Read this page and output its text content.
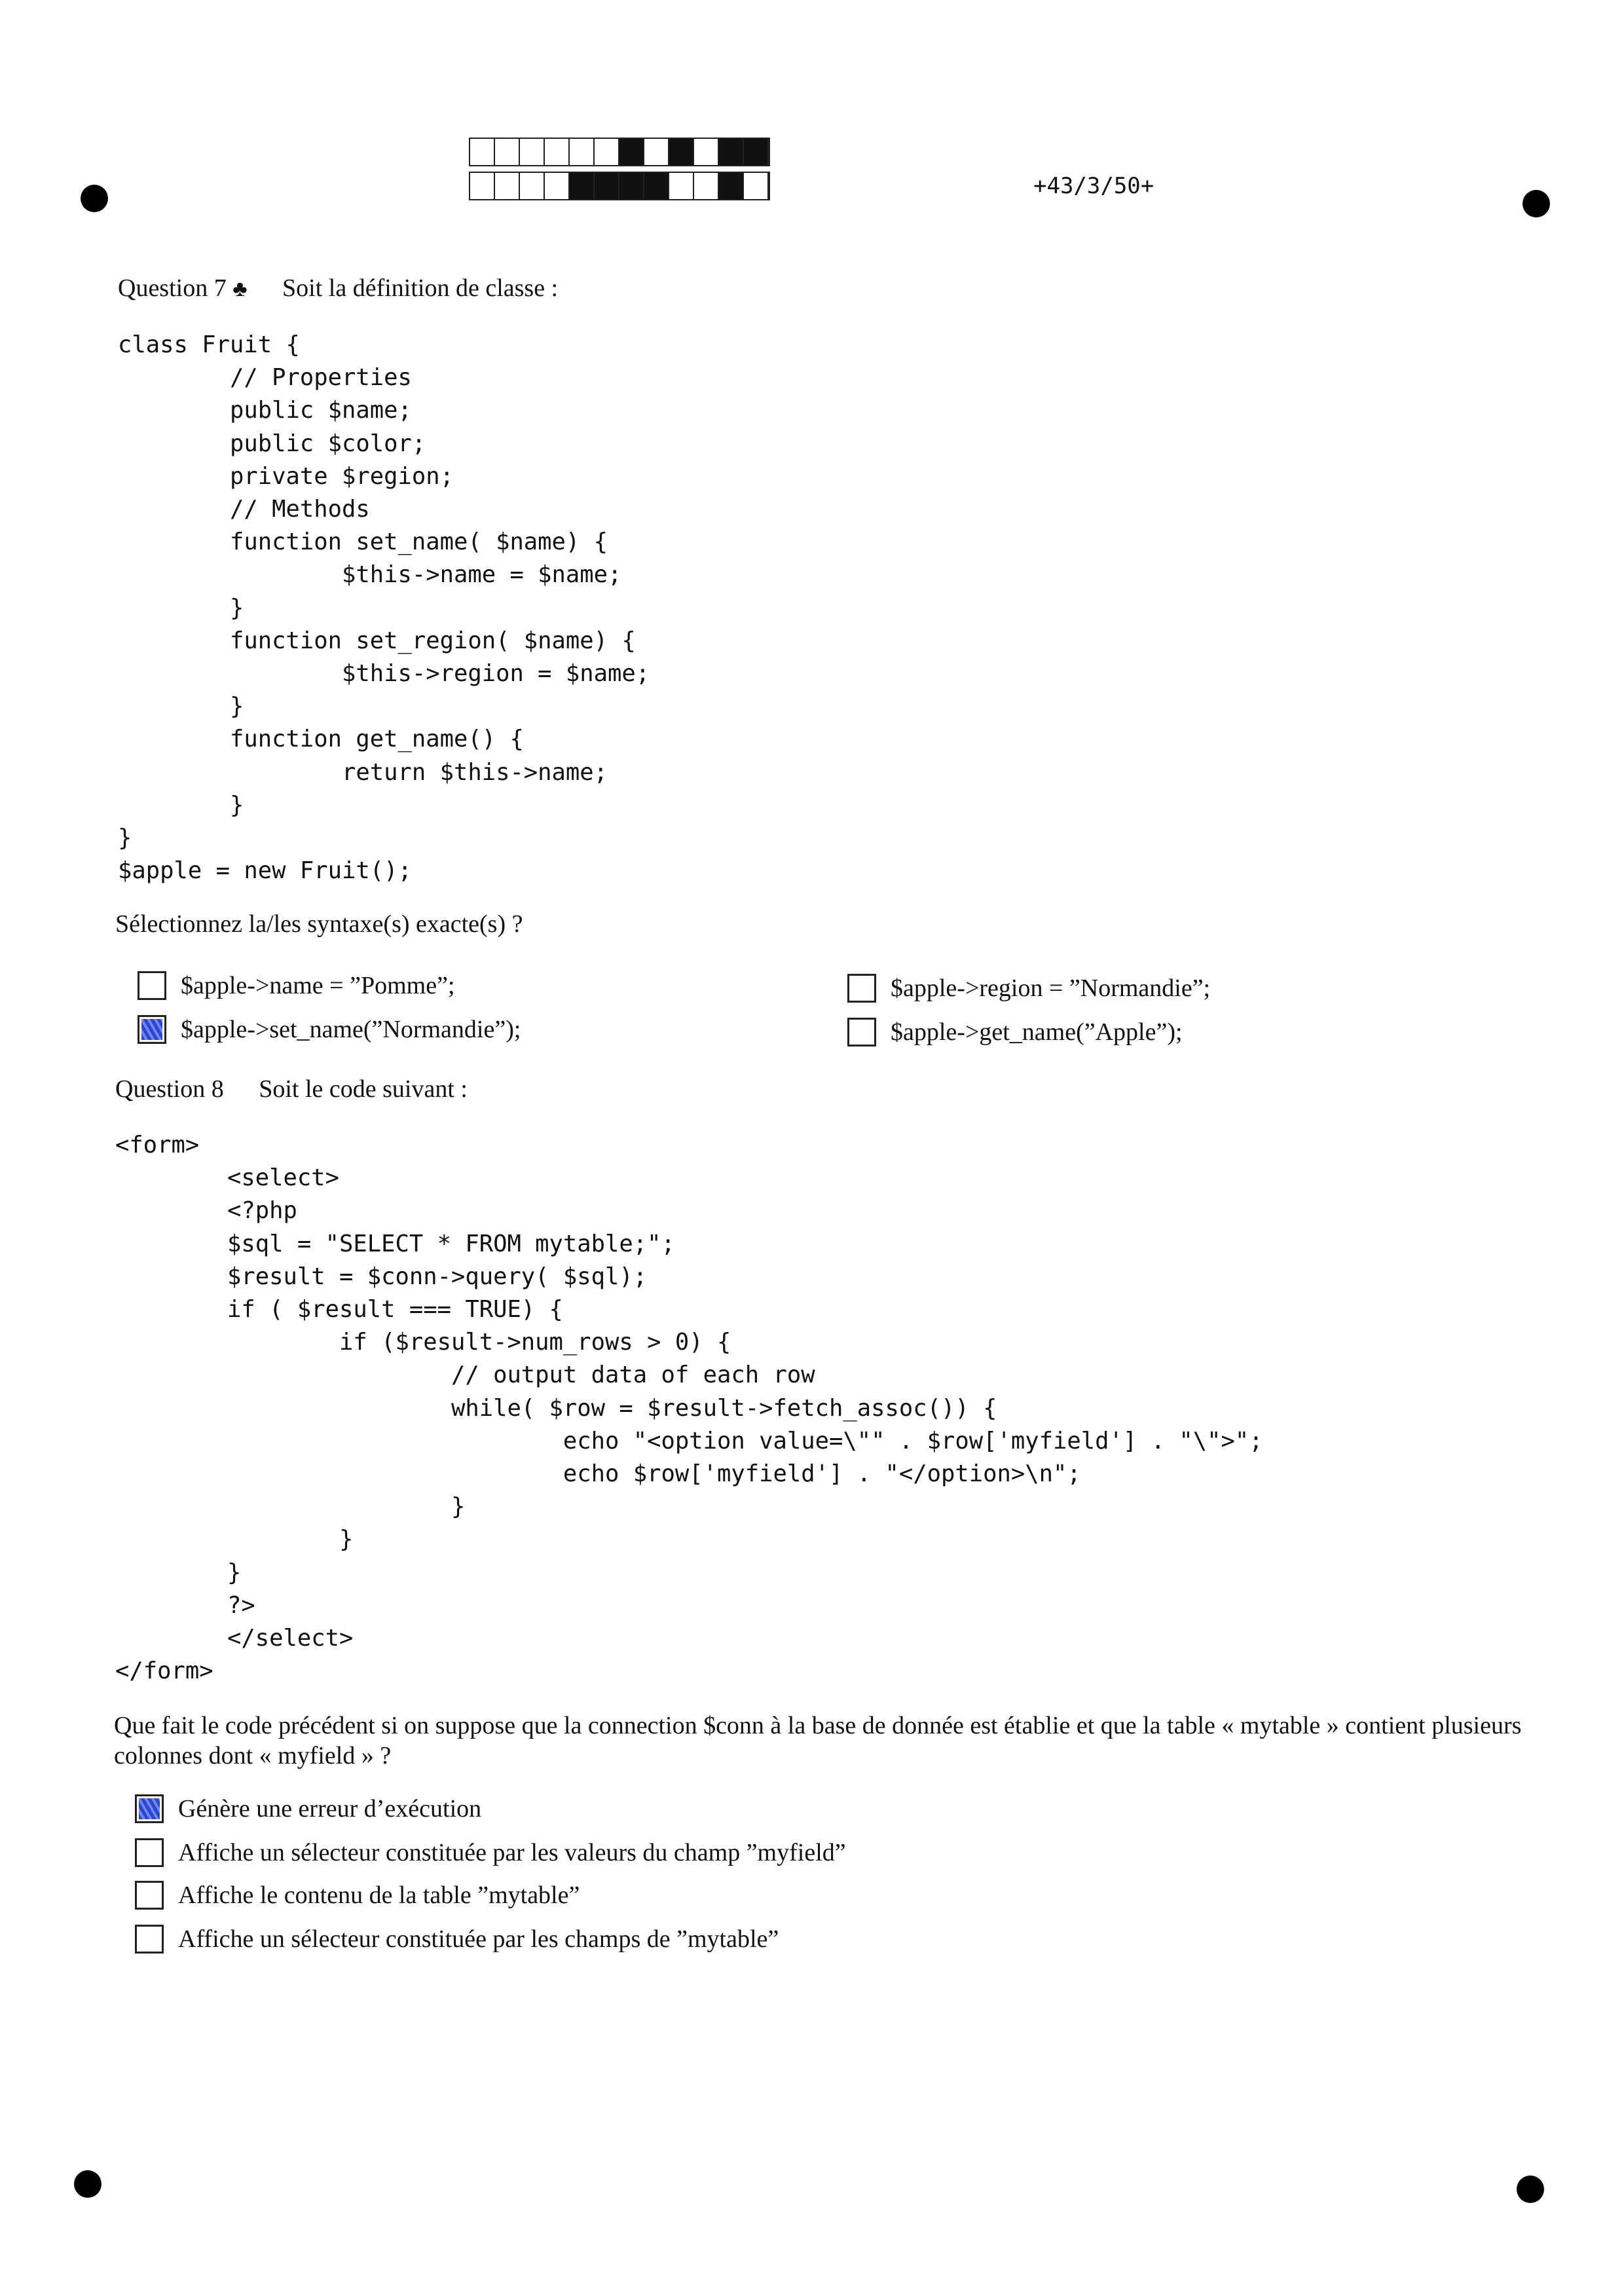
+43/3/50+
Question 7 ♣ Soit la définition de classe :
class Fruit {
// Properties
public $name;
public $color;
private $region;
// Methods
function set_name( $name) {
$this->name = $name;
}
function set_region( $name) {
$this->region = $name;
}
function get_name() {
return $this->name;
}
}
$apple = new Fruit();
Sélectionnez la/les syntaxe(s) exacte(s) ?
$apple->name = ”Pomme”;	$apple->region = ”Normandie”;
$apple->set_name(”Normandie”);	$apple->get_name(”Apple”);
Question 8 Soit le code suivant :
<form>
<select>
<?php
$sql = "SELECT * FROM mytable;";
$result = $conn->query( $sql);
if ( $result === TRUE) {
if ($result->num_rows > 0) {
// output data of each row
while( $row = $result->fetch_assoc()) {
echo "<option value=\"" . $row['myfield'] . "\">";
echo $row['myfield'] . "</option>\n";
}
}
}
?>
</select>
</form>
Que fait le code précédent si on suppose que la connection $conn à la base de donnée est établie et que la table « mytable » contient plusieurs colonnes dont « myfield » ?
Génère une erreur d’exécution
Affiche un sélecteur constituée par les valeurs du champ ”myfield”
Affiche le contenu de la table ”mytable”
Affiche un sélecteur constituée par les champs de ”mytable”
